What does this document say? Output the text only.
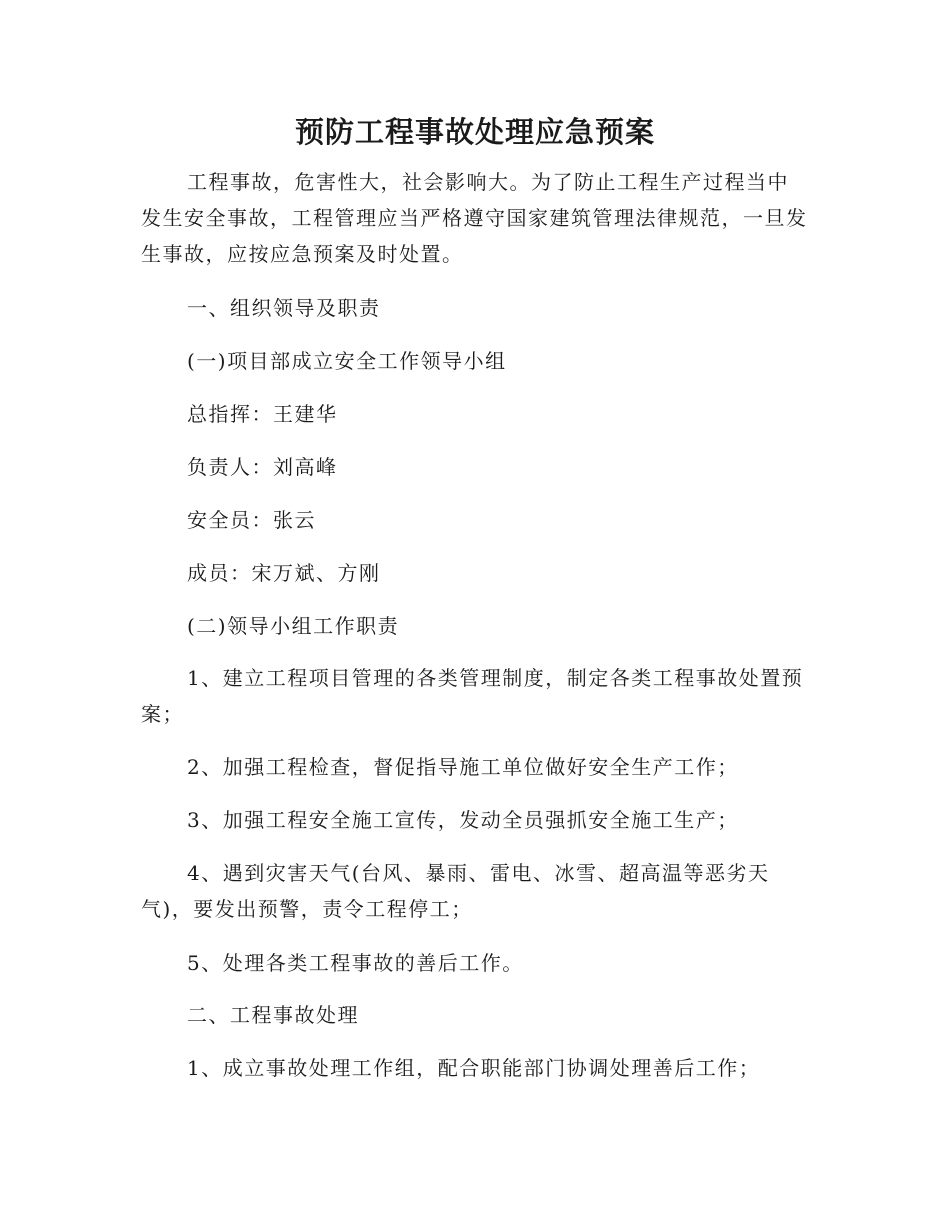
预防工程事故处理应急预案

工程事故，危害性大，社会影响大。为了防止工程生产过程当中发生安全事故，工程管理应当严格遵守国家建筑管理法律规范，一旦发生事故，应按应急预案及时处置。

一、组织领导及职责

(一)项目部成立安全工作领导小组

总指挥：王建华

负责人：刘高峰

安全员：张云

成员：宋万斌、方刚

(二)领导小组工作职责

1、建立工程项目管理的各类管理制度，制定各类工程事故处置预案；

2、加强工程检查，督促指导施工单位做好安全生产工作；

3、加强工程安全施工宣传，发动全员强抓安全施工生产；

4、遇到灾害天气(台风、暴雨、雷电、冰雪、超高温等恶劣天气)，要发出预警，责令工程停工；

5、处理各类工程事故的善后工作。

二、工程事故处理

1、成立事故处理工作组，配合职能部门协调处理善后工作；
